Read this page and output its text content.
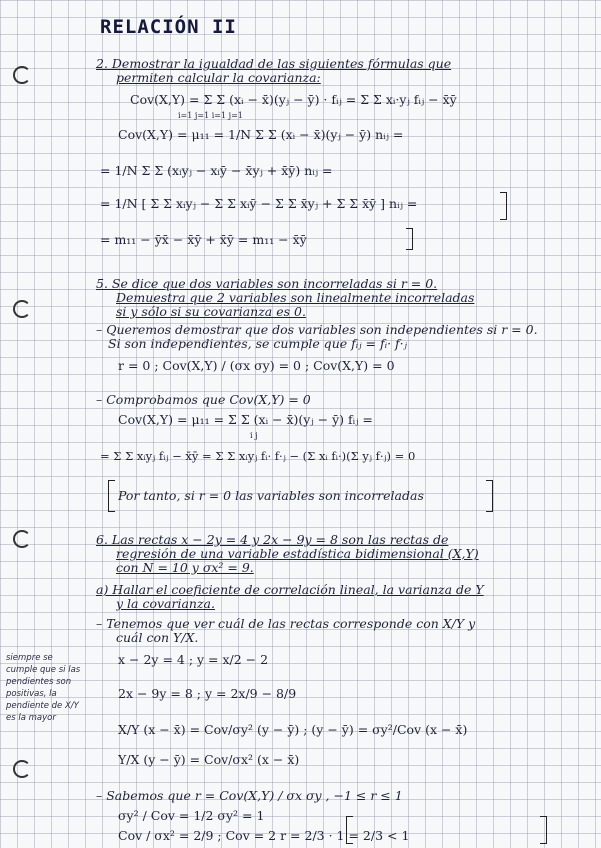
RELACIÓN II
siempre se cumple que si las pendientes son positivas, la pendiente de X/Y es la mayor
2. Demostrar la igualdad de las siguientes fórmulas que
permiten calcular la covarianza:
Cov(X,Y) = Σ Σ (xᵢ − x̄)(yⱼ − ȳ) · fᵢⱼ = Σ Σ xᵢ·yⱼ fᵢⱼ − x̄ȳ
i=1 j=1 i=1 j=1
Cov(X,Y) = μ₁₁ = 1/N Σ Σ (xᵢ − x̄)(yⱼ − ȳ) nᵢⱼ =
= 1/N Σ Σ (xᵢyⱼ − xᵢȳ − x̄yⱼ + x̄ȳ) nᵢⱼ =
= 1/N [ Σ Σ xᵢyⱼ − Σ Σ xᵢȳ − Σ Σ x̄yⱼ + Σ Σ x̄ȳ ] nᵢⱼ =
= m₁₁ − ȳx̄ − x̄ȳ + x̄ȳ = m₁₁ − x̄ȳ
5. Se dice que dos variables son incorreladas si r = 0.
Demuestra que 2 variables son linealmente incorreladas
si y sólo si su covarianza es 0.
– Queremos demostrar que dos variables son independientes si r = 0.
Si son independientes, se cumple que fᵢⱼ = fᵢ· f·ⱼ
r = 0 ; Cov(X,Y) / (σx σy) = 0 ; Cov(X,Y) = 0
– Comprobamos que Cov(X,Y) = 0
Cov(X,Y) = μ₁₁ = Σ Σ (xᵢ − x̄)(yⱼ − ȳ) fᵢⱼ =
i j
= Σ Σ xᵢyⱼ fᵢⱼ − x̄ȳ = Σ Σ xᵢyⱼ fᵢ· f·ⱼ − (Σ xᵢ fᵢ·)(Σ yⱼ f·ⱼ) = 0
Por tanto, si r = 0 las variables son incorreladas
6. Las rectas x − 2y = 4 y 2x − 9y = 8 son las rectas de
regresión de una variable estadística bidimensional (X,Y)
con N = 10 y σx² = 9.
a) Hallar el coeficiente de correlación lineal, la varianza de Y
y la covarianza.
– Tenemos que ver cuál de las rectas corresponde con X/Y y
cuál con Y/X.
x − 2y = 4 ; y = x/2 − 2
2x − 9y = 8 ; y = 2x/9 − 8/9
X/Y (x − x̄) = Cov/σy² (y − ȳ) ; (y − ȳ) = σy²/Cov (x − x̄)
Y/X (y − ȳ) = Cov/σx² (x − x̄)
– Sabemos que r = Cov(X,Y) / σx σy , −1 ≤ r ≤ 1
σy² / Cov = 1/2 σy² = 1
Cov / σx² = 2/9 ; Cov = 2 r = 2/3 · 1 = 2/3 < 1
